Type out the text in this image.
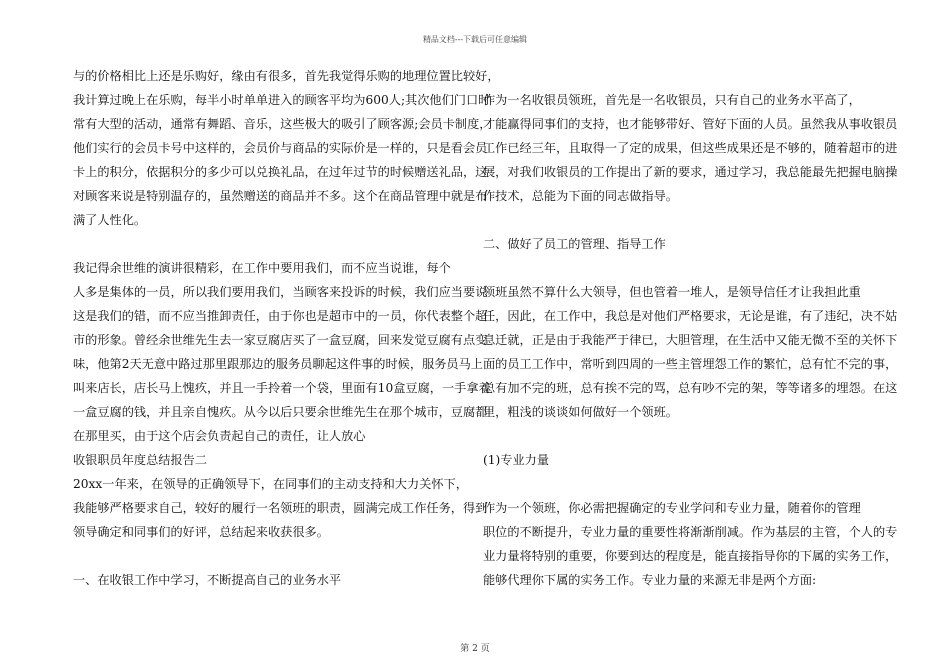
精品文档---下载后可任意编辑

与的价格相比上还是乐购好，缘由有很多，首先我觉得乐购的地理位置比较好，

我计算过晚上在乐购，每半小时单单进入的顾客平均为600人;其次他们门口时

常有大型的活动，通常有舞蹈、音乐，这些极大的吸引了顾客源;会员卡制度，

他们实行的会员卡号中这样的，会员价与商品的实际价是一样的，只是看会员

卡上的积分，依据积分的多少可以兑换礼品，在过年过节的时候赠送礼品，这

对顾客来说是特别温存的，虽然赠送的商品并不多。这个在商品管理中就是布

满了人性化。

我记得余世维的演讲很精彩，在工作中要用我们，而不应当说谁，每个

人多是集体的一员，所以我们要用我们，当顾客来投诉的时候，我们应当要说

这是我们的错，而不应当推卸责任，由于你也是超市中的一员，你代表整个超

市的形象。曾经余世维先生去一家豆腐店买了一盒豆腐，回来发觉豆腐有点变

味，他第2天无意中路过那里跟那边的服务员聊起这件事的时候，服务员马上

叫来店长，店长马上愧疚，并且一手拎着一个袋，里面有10盒豆腐，一手拿着

一盒豆腐的钱，并且亲自愧疚。从今以后只要余世维先生在那个城市，豆腐都

在那里买，由于这个店会负责起自己的责任，让人放心

收银职员年度总结报告二

20xx一年来，在领导的正确领导下，在同事们的主动支持和大力关怀下，

我能够严格要求自己，较好的履行一名领班的职责，圆满完成工作任务，得到

领导确定和同事们的好评，总结起来收获很多。

一、在收银工作中学习，不断提高自己的业务水平

作为一名收银员领班，首先是一名收银员，只有自己的业务水平高了，

才能赢得同事们的支持，也才能够带好、管好下面的人员。虽然我从事收银员

工作已经三年，且取得一了定的成果，但这些成果还是不够的，随着超市的进

展，对我们收银员的工作提出了新的要求，通过学习，我总能最先把握电脑操

作技术，总能为下面的同志做指导。

二、做好了员工的管理、指导工作

领班虽然不算什么大领导，但也管着一堆人，是领导信任才让我担此重

任，因此，在工作中，我总是对他们严格要求，无论是谁，有了违纪，决不姑

息迁就，正是由于我能严于律已，大胆管理，在生活中又能无微不至的关怀下

面的员工工作中，常听到四周的一些主管埋怨工作的繁忙，总有忙不完的事，

总有加不完的班，总有挨不完的骂，总有吵不完的架，等等诸多的埋怨。在这

里，粗浅的谈谈如何做好一个领班。

(1)专业力量

作为一个领班，你必需把握确定的专业学问和专业力量，随着你的管理

职位的不断提升，专业力量的重要性将渐渐削减。作为基层的主管，个人的专

业力量将特别的重要，你要到达的程度是，能直接指导你的下属的实务工作，

能够代理你下属的实务工作。专业力量的来源无非是两个方面:

第 2 页
